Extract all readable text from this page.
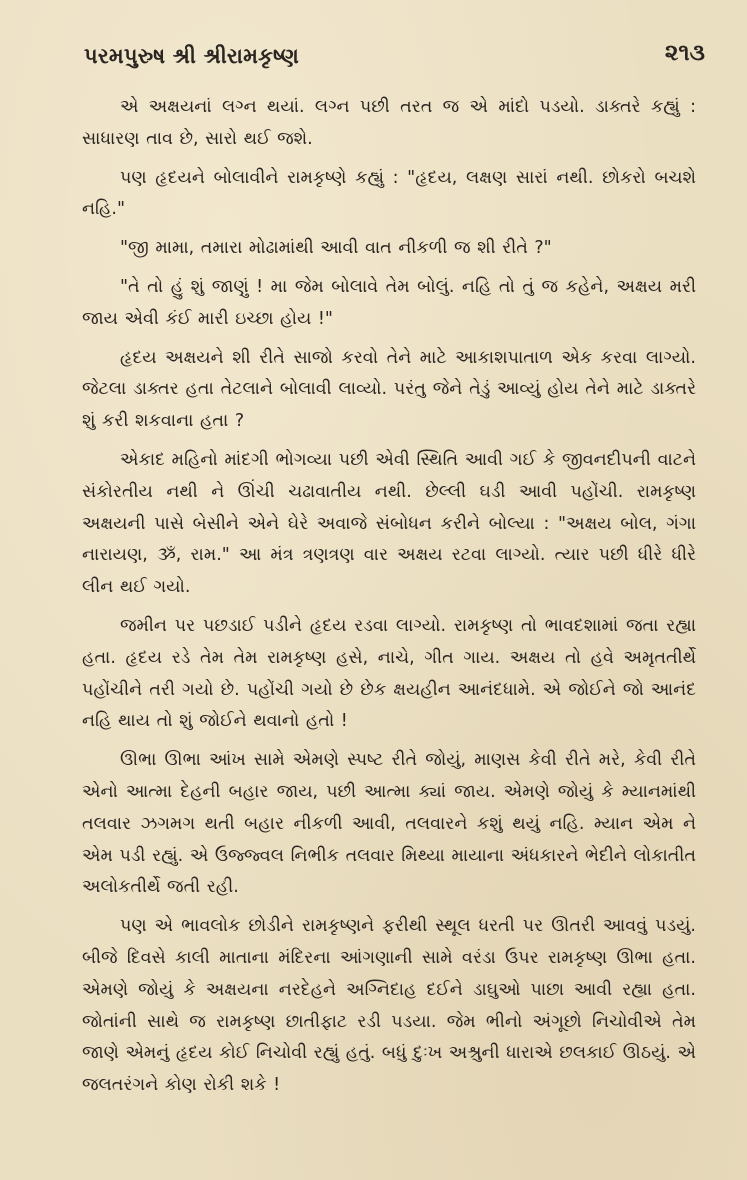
પરમપુરુષ શ્રી શ્રીરામકૃષ્ણ	૨૧૩

એ અક્ષયનાં લગ્ન થયાં. લગ્ન પછી તરત જ એ માંદો પડયો. ડાક્તરે કહ્યું : સાધારણ તાવ છે, સારો થઈ જશે.

પણ હૃદયને બોલાવીને રામકૃષ્ણે કહ્યું : "હૃદય, લક્ષણ સારાં નથી. છોકરો બચશે નહિ."

"જી મામા, તમારા મોઢામાંથી આવી વાત નીકળી જ શી રીતે ?"

"તે તો હું શું જાણું ! મા જેમ બોલાવે તેમ બોલું. નહિ તો તું જ કહેને, અક્ષય મરી જાય એવી કંઈ મારી ઇચ્છા હોય !"

હૃદય અક્ષયને શી રીતે સાજો કરવો તેને માટે આકાશપાતાળ એક કરવા લાગ્યો. જેટલા ડાક્તર હતા તેટલાને બોલાવી લાવ્યો. પરંતુ જેને તેડું આવ્યું હોય તેને માટે ડાક્તરે શું કરી શકવાના હતા ?

એકાદ મહિનો માંદગી ભોગવ્યા પછી એવી સ્થિતિ આવી ગઈ કે જીવનદીપની વાટને સંકોરતીય નથી ને ઊંચી ચઢાવાતીય નથી. છેલ્લી ઘડી આવી પહોંચી. રામકૃષ્ણ અક્ષયની પાસે બેસીને એને ઘેરે અવાજે સંબોધન કરીને બોલ્યા : "અક્ષય બોલ, ગંગા નારાયણ, ૐ, રામ." આ મંત્ર ત્રણત્રણ વાર અક્ષય રટવા લાગ્યો. ત્યાર પછી ધીરે ધીરે લીન થઈ ગયો.

જમીન પર પછડાઈ પડીને હૃદય રડવા લાગ્યો. રામકૃષ્ણ તો ભાવદશામાં જતા રહ્યા હતા. હૃદય રડે તેમ તેમ રામકૃષ્ણ હસે, નાચે, ગીત ગાય. અક્ષય તો હવે અમૃતતીર્થે પહોંચીને તરી ગયો છે. પહોંચી ગયો છે છેક ક્ષયહીન આનંદધામે. એ જોઈને જો આનંદ નહિ થાય તો શું જોઈને થવાનો હતો !

ઊભા ઊભા આંખ સામે એમણે સ્પષ્ટ રીતે જોયું, માણસ કેવી રીતે મરે, કેવી રીતે એનો આત્મા દેહની બહાર જાય, પછી આત્મા ક્યાં જાય. એમણે જોયું કે મ્યાનમાંથી તલવાર ઝગમગ થતી બહાર નીકળી આવી, તલવારને કશું થયું નહિ. મ્યાન એમ ને એમ પડી રહ્યું. એ ઉજ્જ્વલ નિભીક તલવાર મિથ્યા માયાના અંધકારને ભેદીને લોકાતીત અલોકતીર્થે જતી રહી.

પણ એ ભાવલોક છોડીને રામકૃષ્ણને ફરીથી સ્થૂલ ધરતી પર ઊતરી આવવું પડયું. બીજે દિવસે કાલી માતાના મંદિરના આંગણાની સામે વરંડા ઉપર રામકૃષ્ણ ઊભા હતા. એમણે જોયું કે અક્ષયના નરદેહને અગ્નિદાહ દઈને ડાઘુઓ પાછા આવી રહ્યા હતા. જોતાંની સાથે જ રામકૃષ્ણ છાતીફાટ રડી પડયા. જેમ ભીનો અંગૂછો નિચોવીએ તેમ જાણે એમનું હૃદય કોઈ નિચોવી રહ્યું હતું. બધું દુઃખ અશ્રુની ધારાએ છલકાઈ ઊઠયું. એ જલતરંગને કોણ રોકી શકે !
